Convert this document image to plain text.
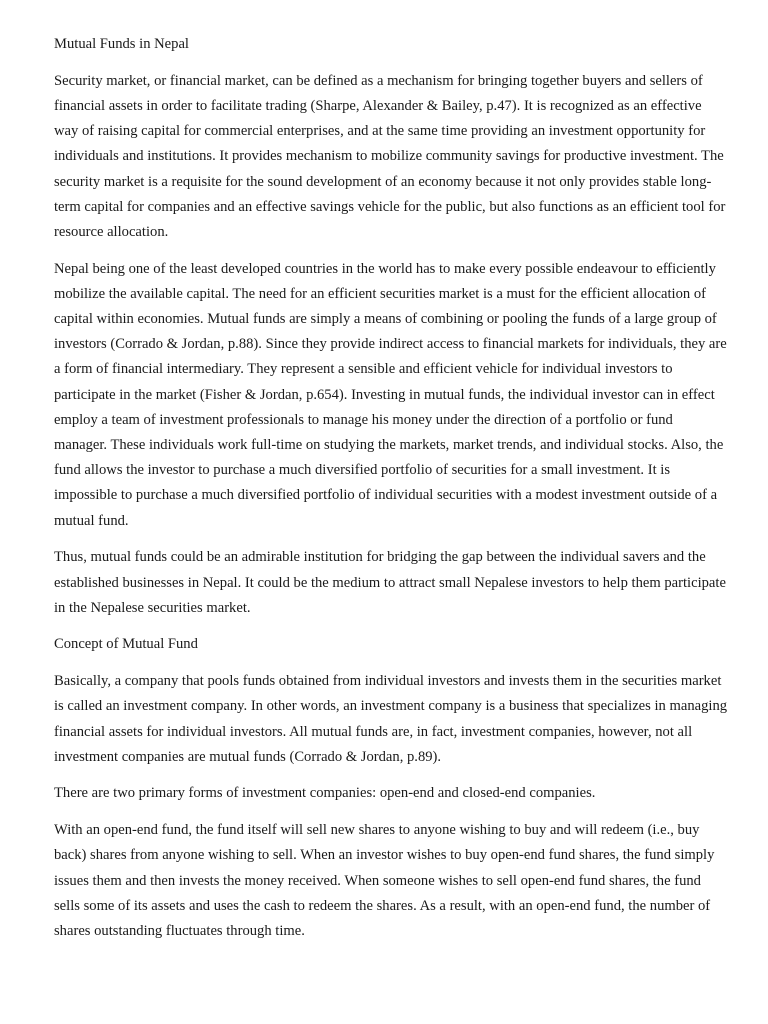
Mutual Funds in Nepal

Security market, or financial market, can be defined as a mechanism for bringing together buyers and sellers of financial assets in order to facilitate trading (Sharpe, Alexander & Bailey, p.47). It is recognized as an effective way of raising capital for commercial enterprises, and at the same time providing an investment opportunity for individuals and institutions. It provides mechanism to mobilize community savings for productive investment. The security market is a requisite for the sound development of an economy because it not only provides stable long-term capital for companies and an effective savings vehicle for the public, but also functions as an efficient tool for resource allocation.

Nepal being one of the least developed countries in the world has to make every possible endeavour to efficiently mobilize the available capital. The need for an efficient securities market is a must for the efficient allocation of capital within economies. Mutual funds are simply a means of combining or pooling the funds of a large group of investors (Corrado & Jordan, p.88). Since they provide indirect access to financial markets for individuals, they are a form of financial intermediary. They represent a sensible and efficient vehicle for individual investors to participate in the market (Fisher & Jordan, p.654). Investing in mutual funds, the individual investor can in effect employ a team of investment professionals to manage his money under the direction of a portfolio or fund manager. These individuals work full-time on studying the markets, market trends, and individual stocks. Also, the fund allows the investor to purchase a much diversified portfolio of securities for a small investment. It is impossible to purchase a much diversified portfolio of individual securities with a modest investment outside of a mutual fund.

Thus, mutual funds could be an admirable institution for bridging the gap between the individual savers and the established businesses in Nepal. It could be the medium to attract small Nepalese investors to help them participate in the Nepalese securities market.

Concept of Mutual Fund

Basically, a company that pools funds obtained from individual investors and invests them in the securities market is called an investment company. In other words, an investment company is a business that specializes in managing financial assets for individual investors. All mutual funds are, in fact, investment companies, however, not all investment companies are mutual funds (Corrado & Jordan, p.89).

There are two primary forms of investment companies: open-end and closed-end companies.

With an open-end fund, the fund itself will sell new shares to anyone wishing to buy and will redeem (i.e., buy back) shares from anyone wishing to sell. When an investor wishes to buy open-end fund shares, the fund simply issues them and then invests the money received. When someone wishes to sell open-end fund shares, the fund sells some of its assets and uses the cash to redeem the shares. As a result, with an open-end fund, the number of shares outstanding fluctuates through time.
